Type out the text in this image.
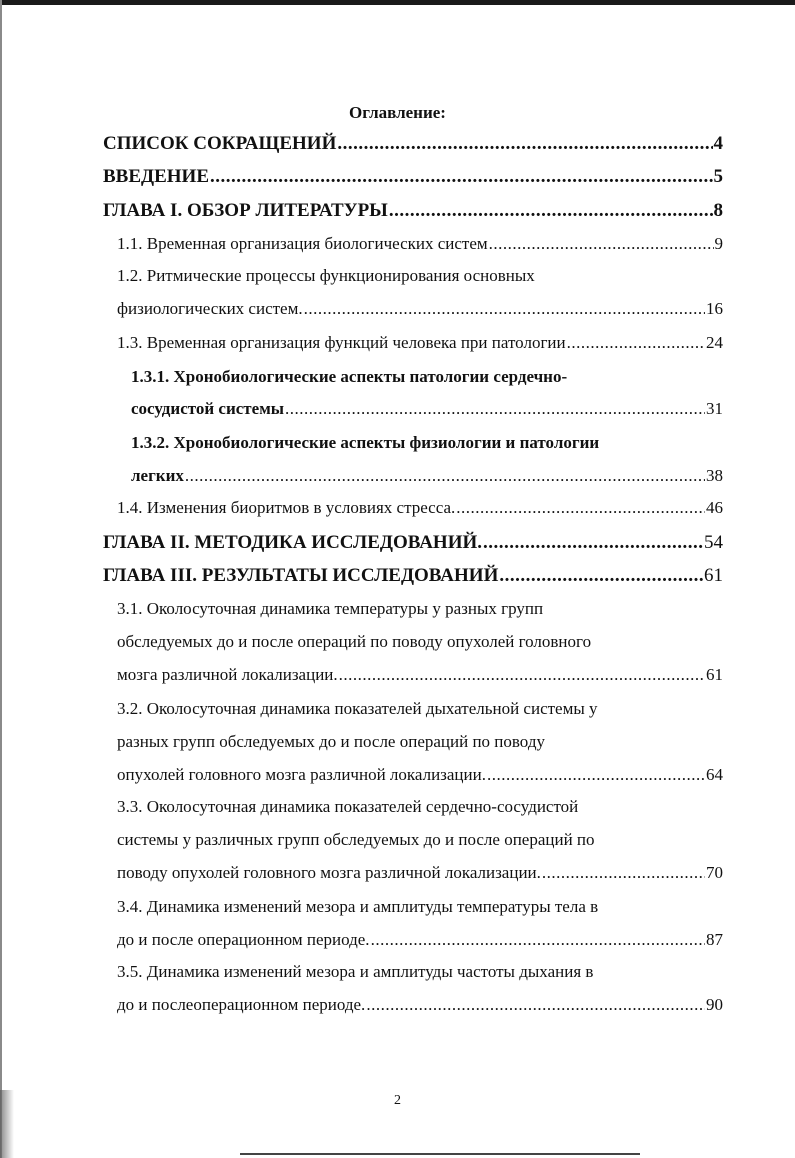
Оглавление:
СПИСОК СОКРАЩЕНИЙ .....	4
ВВЕДЕНИЕ .....	5
ГЛАВА I. ОБЗОР ЛИТЕРАТУРЫ .....	8
1.1. Временная организация биологических систем .....	9
1.2. Ритмические процессы функционирования основных
физиологических систем. .....	16
1.3. Временная организация функций человека при патологии .....	24
1.3.1. Хронобиологические аспекты патологии сердечно-
сосудистой системы .....	31
1.3.2. Хронобиологические аспекты физиологии и патологии
легких .....	38
1.4. Изменения биоритмов в условиях стресса. .....	46
ГЛАВА II. МЕТОДИКА ИССЛЕДОВАНИЙ. .....	54
ГЛАВА III. РЕЗУЛЬТАТЫ ИССЛЕДОВАНИЙ .....	61
3.1. Околосуточная динамика температуры у разных групп
обследуемых до и после операций по поводу опухолей головного
мозга различной локализации. .....	61
3.2. Околосуточная динамика показателей дыхательной системы у
разных групп обследуемых до и после операций по поводу
опухолей головного мозга различной локализации. .....	64
3.3. Околосуточная динамика показателей сердечно-сосудистой
системы у различных групп обследуемых до и после операций по
поводу опухолей головного мозга различной локализации. .....	70
3.4. Динамика изменений мезора и амплитуды температуры тела в
до и после операционном периоде. .....	87
3.5. Динамика изменений мезора и амплитуды частоты дыхания в
до и послеоперационном периоде. .....	90
2
